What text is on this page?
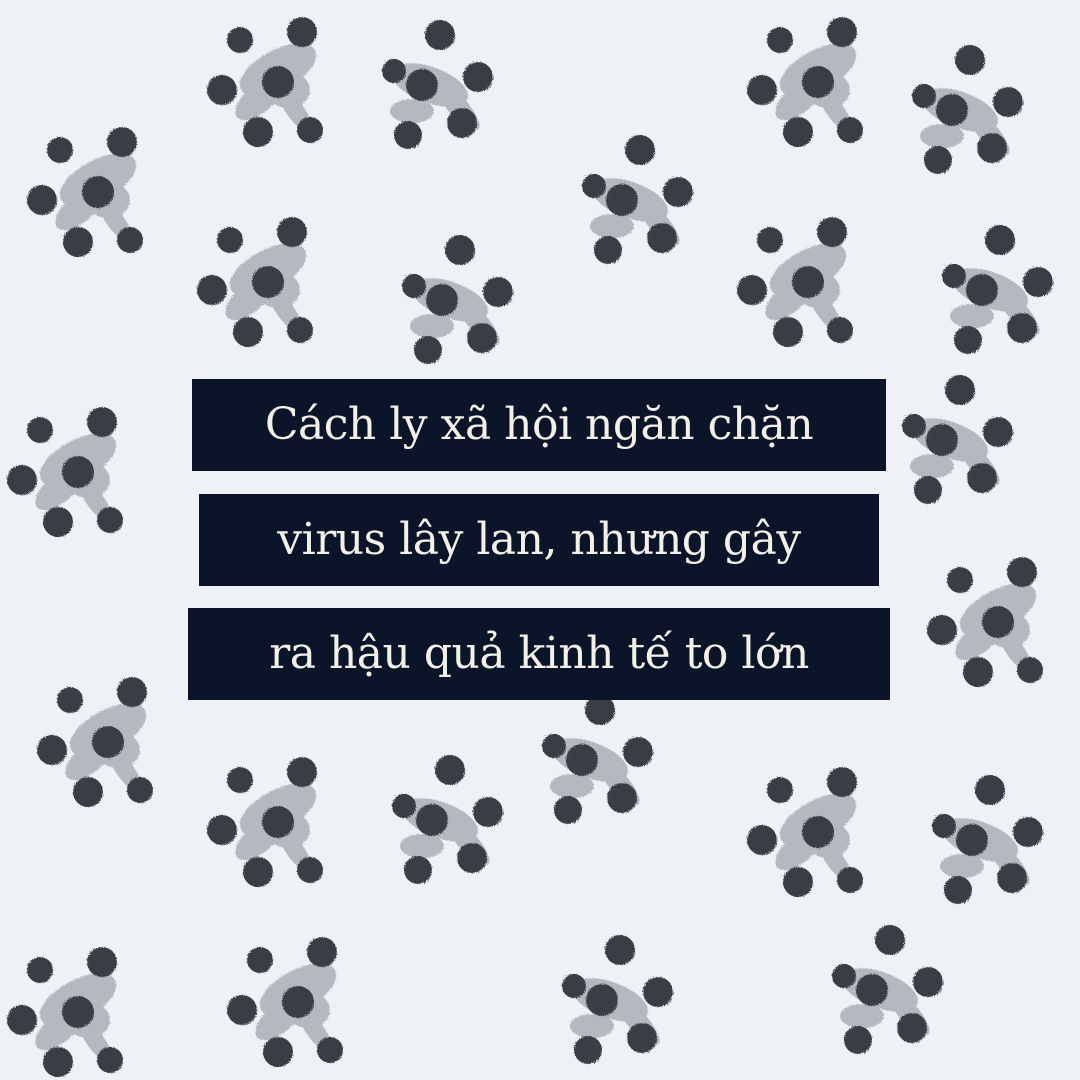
Cách ly xã hội ngăn chặn
virus lây lan, nhưng gây
ra hậu quả kinh tế to lớn
